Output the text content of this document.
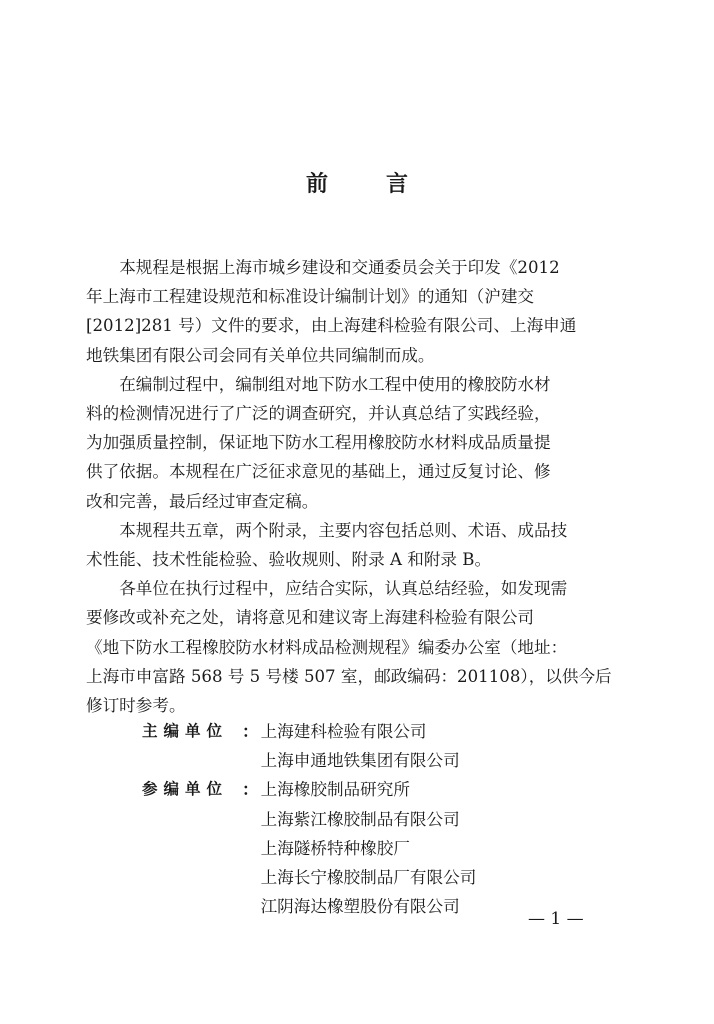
前　言

本规程是根据上海市城乡建设和交通委员会关于印发《2012
年上海市工程建设规范和标准设计编制计划》的通知（沪建交
[2012]281 号）文件的要求，由上海建科检验有限公司、上海申通
地铁集团有限公司会同有关单位共同编制而成。

在编制过程中，编制组对地下防水工程中使用的橡胶防水材
料的检测情况进行了广泛的调查研究，并认真总结了实践经验，
为加强质量控制，保证地下防水工程用橡胶防水材料成品质量提
供了依据。本规程在广泛征求意见的基础上，通过反复讨论、修
改和完善，最后经过审查定稿。

本规程共五章，两个附录，主要内容包括总则、术语、成品技
术性能、技术性能检验、验收规则、附录 A 和附录 B。

各单位在执行过程中，应结合实际，认真总结经验，如发现需
要修改或补充之处，请将意见和建议寄上海建科检验有限公司
《地下防水工程橡胶防水材料成品检测规程》编委办公室（地址：
上海市申富路 568 号 5 号楼 507 室，邮政编码：201108），以供今后
修订时参考。

主编单位 ： 上海建科检验有限公司
上海申通地铁集团有限公司
参编单位 ： 上海橡胶制品研究所
上海紫江橡胶制品有限公司
上海隧桥特种橡胶厂
上海长宁橡胶制品厂有限公司
江阴海达橡塑股份有限公司
— 1 —
